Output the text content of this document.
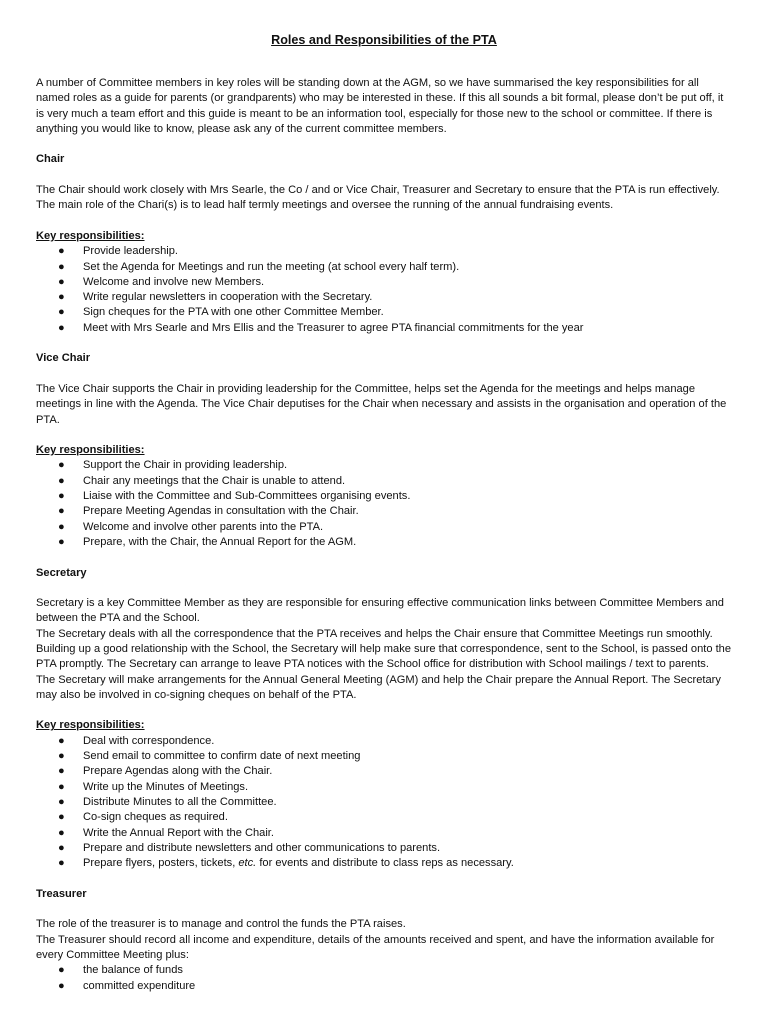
Roles and Responsibilities of the PTA

A number of Committee members in key roles will be standing down at the AGM, so we have summarised the key responsibilities for all named roles as a guide for parents (or grandparents) who may be interested in these. If this all sounds a bit formal, please don’t be put off, it is very much a team effort and this guide is meant to be an information tool, especially for those new to the school or committee. If there is anything you would like to know, please ask any of the current committee members.

Chair

The Chair should work closely with Mrs Searle, the Co / and or Vice Chair, Treasurer and Secretary to ensure that the PTA is run effectively. The main role of the Chari(s) is to lead half termly meetings and oversee the running of the annual fundraising events.

Key responsibilities:
● Provide leadership.
● Set the Agenda for Meetings and run the meeting (at school every half term).
● Welcome and involve new Members.
● Write regular newsletters in cooperation with the Secretary.
● Sign cheques for the PTA with one other Committee Member.
● Meet with Mrs Searle and Mrs Ellis and the Treasurer to agree PTA financial commitments for the year
Vice Chair

The Vice Chair supports the Chair in providing leadership for the Committee, helps set the Agenda for the meetings and helps manage meetings in line with the Agenda. The Vice Chair deputises for the Chair when necessary and assists in the organisation and operation of the PTA.

Key responsibilities:
● Support the Chair in providing leadership.
● Chair any meetings that the Chair is unable to attend.
● Liaise with the Committee and Sub-Committees organising events.
● Prepare Meeting Agendas in consultation with the Chair.
● Welcome and involve other parents into the PTA.
● Prepare, with the Chair, the Annual Report for the AGM.
Secretary

Secretary is a key Committee Member as they are responsible for ensuring effective communication links between Committee Members and between the PTA and the School.

The Secretary deals with all the correspondence that the PTA receives and helps the Chair ensure that Committee Meetings run smoothly. Building up a good relationship with the School, the Secretary will help make sure that correspondence, sent to the School, is passed onto the PTA promptly. The Secretary can arrange to leave PTA notices with the School office for distribution with School mailings / text to parents.

The Secretary will make arrangements for the Annual General Meeting (AGM) and help the Chair prepare the Annual Report. The Secretary may also be involved in co-signing cheques on behalf of the PTA.

Key responsibilities:
● Deal with correspondence.
● Send email to committee to confirm date of next meeting
● Prepare Agendas along with the Chair.
● Write up the Minutes of Meetings.
● Distribute Minutes to all the Committee.
● Co-sign cheques as required.
● Write the Annual Report with the Chair.
● Prepare and distribute newsletters and other communications to parents.
● Prepare flyers, posters, tickets, etc. for events and distribute to class reps as necessary.
Treasurer

The role of the treasurer is to manage and control the funds the PTA raises.

The Treasurer should record all income and expenditure, details of the amounts received and spent, and have the information available for every Committee Meeting plus:

● the balance of funds
● committed expenditure
